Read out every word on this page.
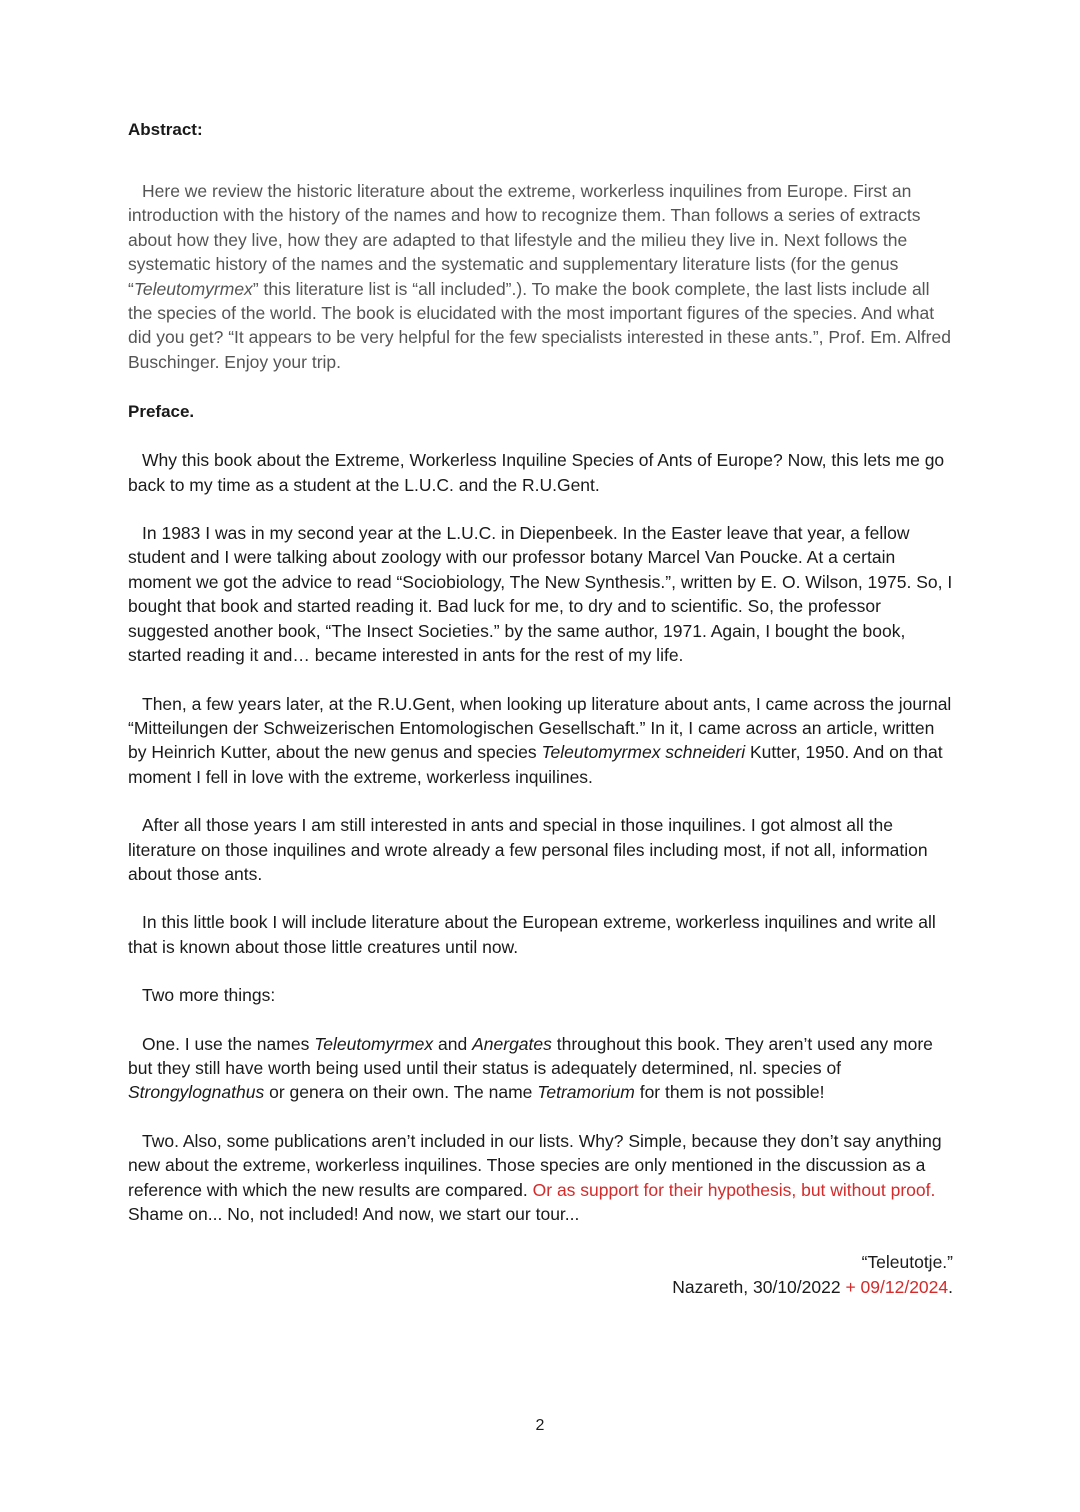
Abstract:

Here we review the historic literature about the extreme, workerless inquilines from Europe. First an introduction with the history of the names and how to recognize them. Than follows a series of extracts about how they live, how they are adapted to that lifestyle and the milieu they live in. Next follows the systematic history of the names and the systematic and supplementary literature lists (for the genus “Teleutomyrmex” this literature list is “all included”.). To make the book complete, the last lists include all the species of the world. The book is elucidated with the most important figures of the species. And what did you get? “It appears to be very helpful for the few specialists interested in these ants.”, Prof. Em. Alfred Buschinger. Enjoy your trip.

Preface.

Why this book about the Extreme, Workerless Inquiline Species of Ants of Europe? Now, this lets me go back to my time as a student at the L.U.C. and the R.U.Gent.

In 1983 I was in my second year at the L.U.C. in Diepenbeek. In the Easter leave that year, a fellow student and I were talking about zoology with our professor botany Marcel Van Poucke. At a certain moment we got the advice to read “Sociobiology, The New Synthesis.”, written by E. O. Wilson, 1975. So, I bought that book and started reading it. Bad luck for me, to dry and to scientific. So, the professor suggested another book, “The Insect Societies.” by the same author, 1971. Again, I bought the book, started reading it and… became interested in ants for the rest of my life.

Then, a few years later, at the R.U.Gent, when looking up literature about ants, I came across the journal “Mitteilungen der Schweizerischen Entomologischen Gesellschaft.” In it, I came across an article, written by Heinrich Kutter, about the new genus and species Teleutomyrmex schneideri Kutter, 1950. And on that moment I fell in love with the extreme, workerless inquilines.

After all those years I am still interested in ants and special in those inquilines. I got almost all the literature on those inquilines and wrote already a few personal files including most, if not all, information about those ants.

In this little book I will include literature about the European extreme, workerless inquilines and write all that is known about those little creatures until now.

Two more things:

One. I use the names Teleutomyrmex and Anergates throughout this book. They aren’t used any more but they still have worth being used until their status is adequately determined, nl. species of Strongylognathus or genera on their own. The name Tetramorium for them is not possible!

Two. Also, some publications aren’t included in our lists. Why? Simple, because they don’t say anything new about the extreme, workerless inquilines. Those species are only mentioned in the discussion as a reference with which the new results are compared. Or as support for their hypothesis, but without proof. Shame on... No, not included! And now, we start our tour...

“Teleutotje.”
Nazareth, 30/10/2022 + 09/12/2024.
2
